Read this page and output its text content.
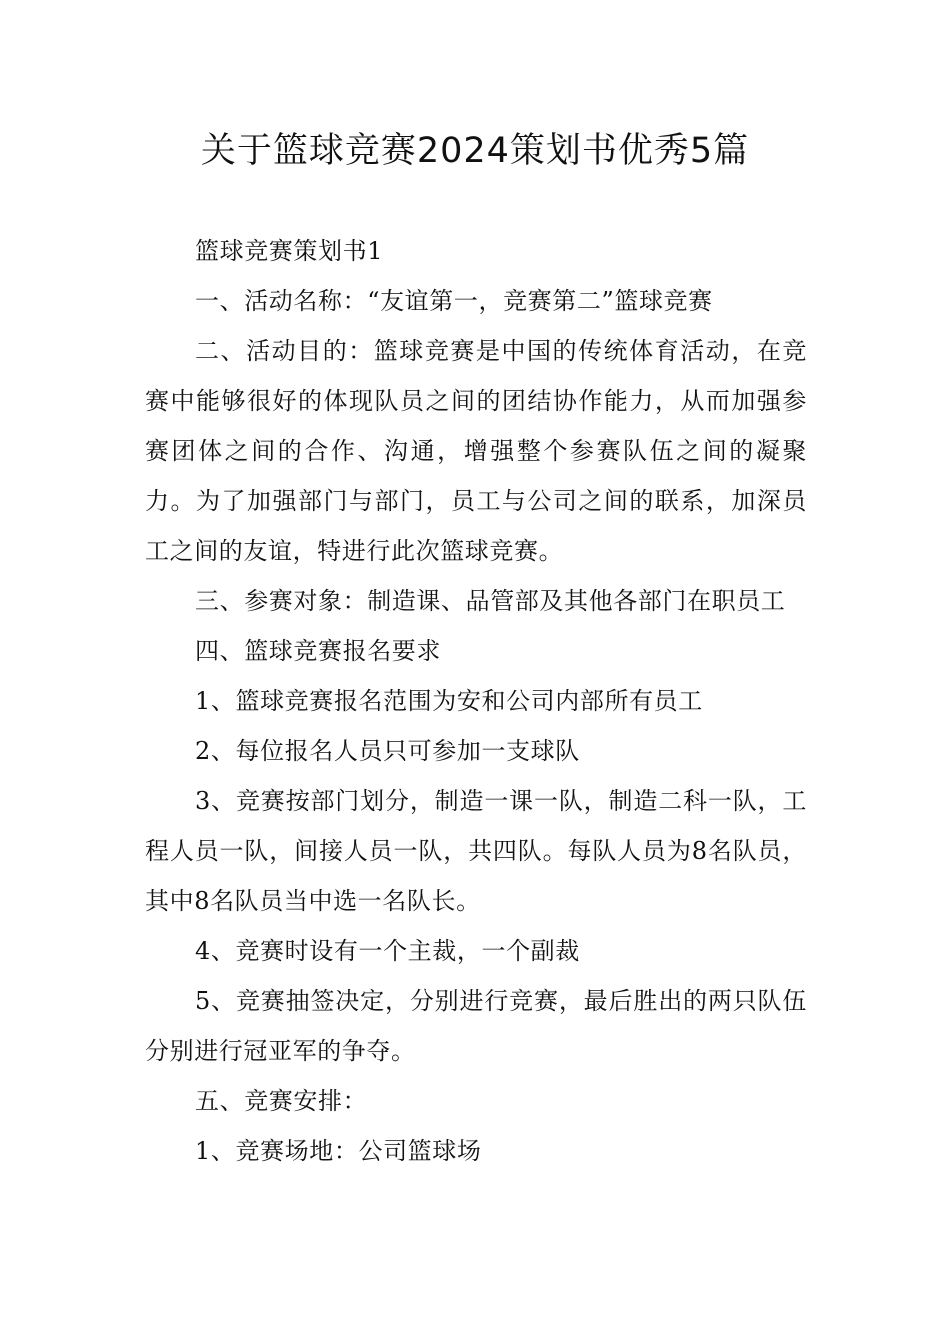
关于篮球竞赛2024策划书优秀5篇

篮球竞赛策划书1

一、活动名称：“友谊第一，竞赛第二”篮球竞赛

二、活动目的：篮球竞赛是中国的传统体育活动，在竞赛中能够很好的体现队员之间的团结协作能力，从而加强参赛团体之间的合作、沟通，增强整个参赛队伍之间的凝聚力。为了加强部门与部门，员工与公司之间的联系，加深员工之间的友谊，特进行此次篮球竞赛。

三、参赛对象：制造课、品管部及其他各部门在职员工

四、篮球竞赛报名要求

1、篮球竞赛报名范围为安和公司内部所有员工

2、每位报名人员只可参加一支球队

3、竞赛按部门划分，制造一课一队，制造二科一队，工程人员一队，间接人员一队，共四队。每队人员为8名队员，其中8名队员当中选一名队长。

4、竞赛时设有一个主裁，一个副裁

5、竞赛抽签决定，分别进行竞赛，最后胜出的两只队伍分别进行冠亚军的争夺。

五、竞赛安排：

1、竞赛场地：公司篮球场
